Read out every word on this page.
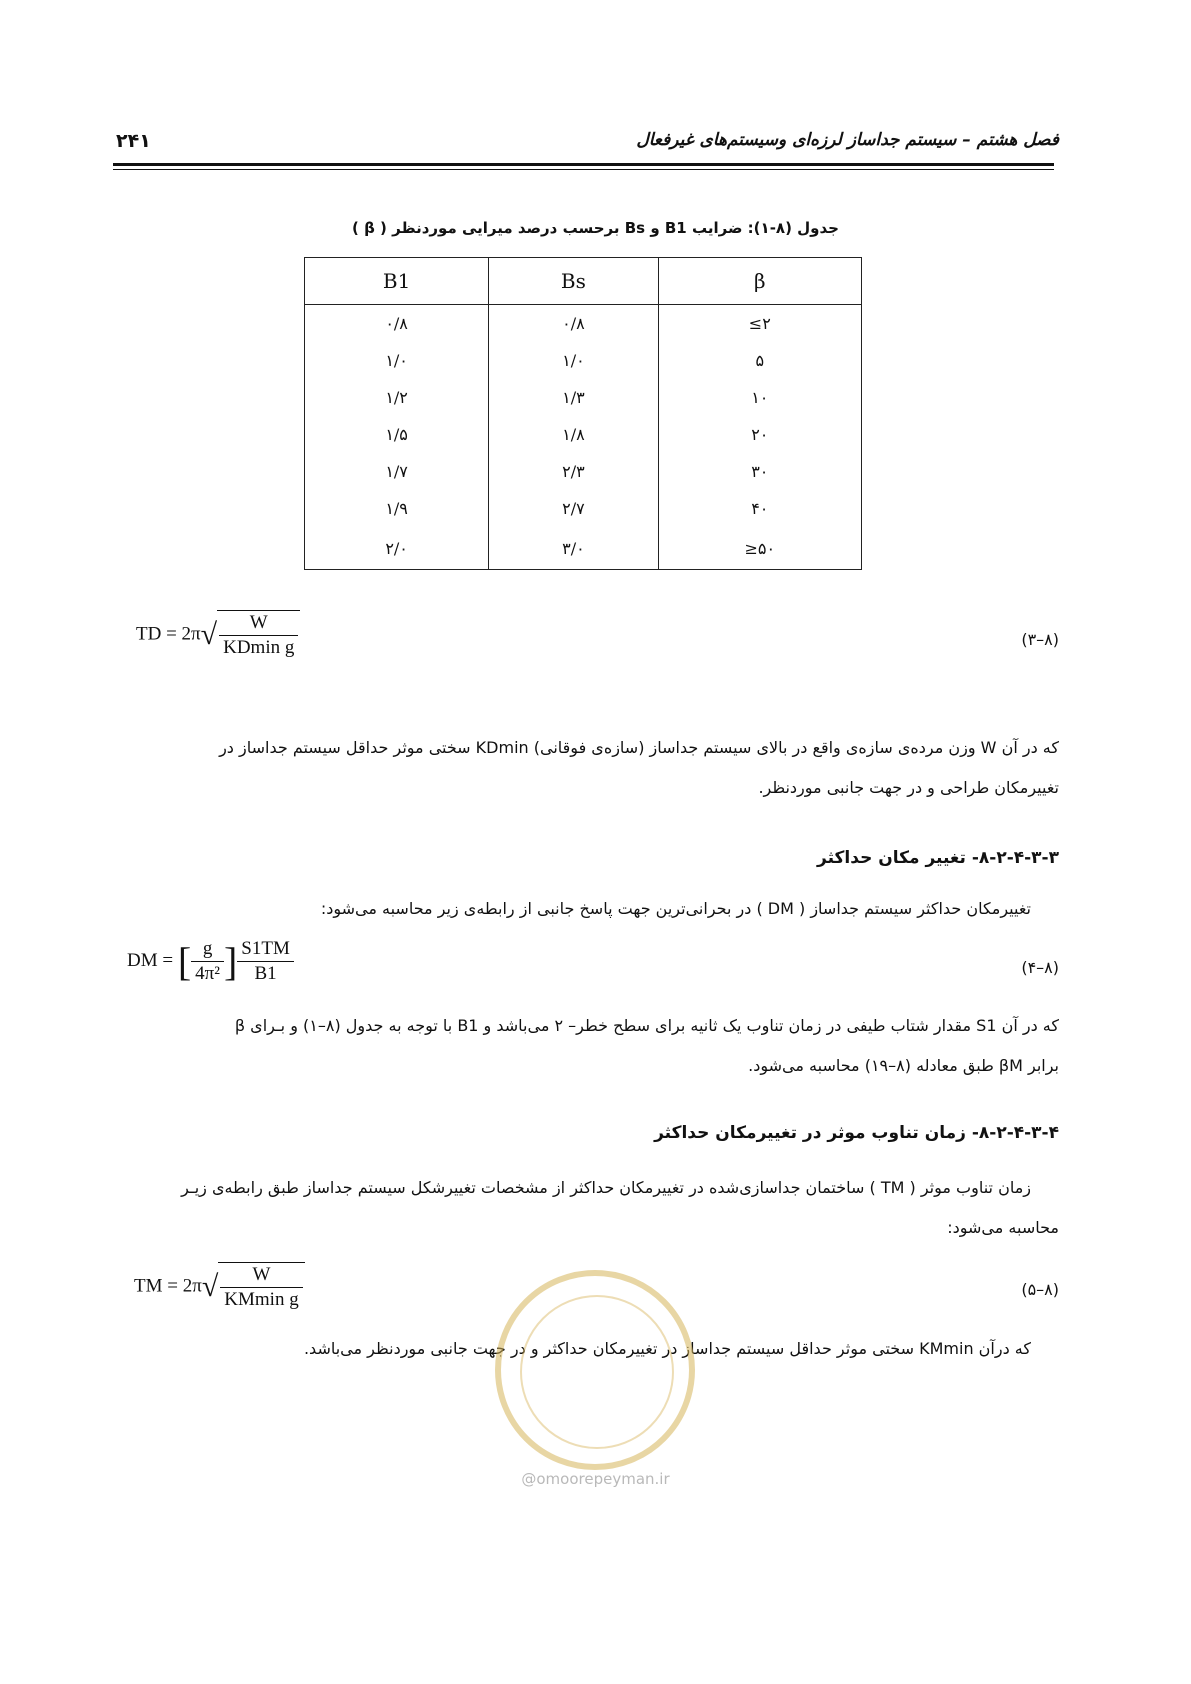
فصل هشتم – سیستم جداساز لرزه‌ای وسیستم‌های غیرفعال
۲۴۱
جدول (۸-۱): ضرایب B1 و Bs برحسب درصد میرایی موردنظر ( β )
B1	Bs	β
۰/۸	۰/۸	≤۲
۱/۰	۱/۰	۵
۱/۲	۱/۳	۱۰
۱/۵	۱/۸	۲۰
۱/۷	۲/۳	۳۰
۱/۹	۲/۷	۴۰
۲/۰	۳/۰	≥۵۰
TD = $2\pi√ \frac{W}{\text{KDmin g}}$	(۸–۳)
که در آن W وزن مرده‌ی سازه‌ی واقع در بالای سیستم جداساز (سازه‌ی فوقانی) KDmin سختی موثر حداقل سیستم جداساز در
تغییرمکان طراحی و در جهت جانبی موردنظر.
۸-۲-۴-۳-۳- تغییر مکان حداکثر
تغییرمکان حداکثر سیستم جداساز ( DM ) در بحرانی‌ترین جهت پاسخ جانبی از رابطه‌ی زیر محاسبه می‌شود:
DM = [ $\frac{g}{\text{4π²}}$ ] $\frac{S1TM}{B1}$	(۸–۴)
که در آن S1 مقدار شتاب طیفی در زمان تناوب یک ثانیه برای سطح خطر– ۲ می‌باشد و B1 با توجه به جدول (۸–۱) و بـرای β
برابر βM طبق معادله (۸–۱۹) محاسبه می‌شود.
۸-۲-۴-۳-۴- زمان تناوب موثر در تغییرمکان حداکثر
زمان تناوب موثر ( TM ) ساختمان جداسازی‌شده در تغییرمکان حداکثر از مشخصات تغییرشکل سیستم جداساز طبق رابطه‌ی زیـر
محاسبه می‌شود:
TM = $2\pi√ \frac{W}{\text{KMmin g}}$	(۸–۵)
که درآن KMmin سختی موثر حداقل سیستم جداساز در تغییرمکان حداکثر و در جهت جانبی موردنظر می‌باشد.
@omoorepeyman.ir
